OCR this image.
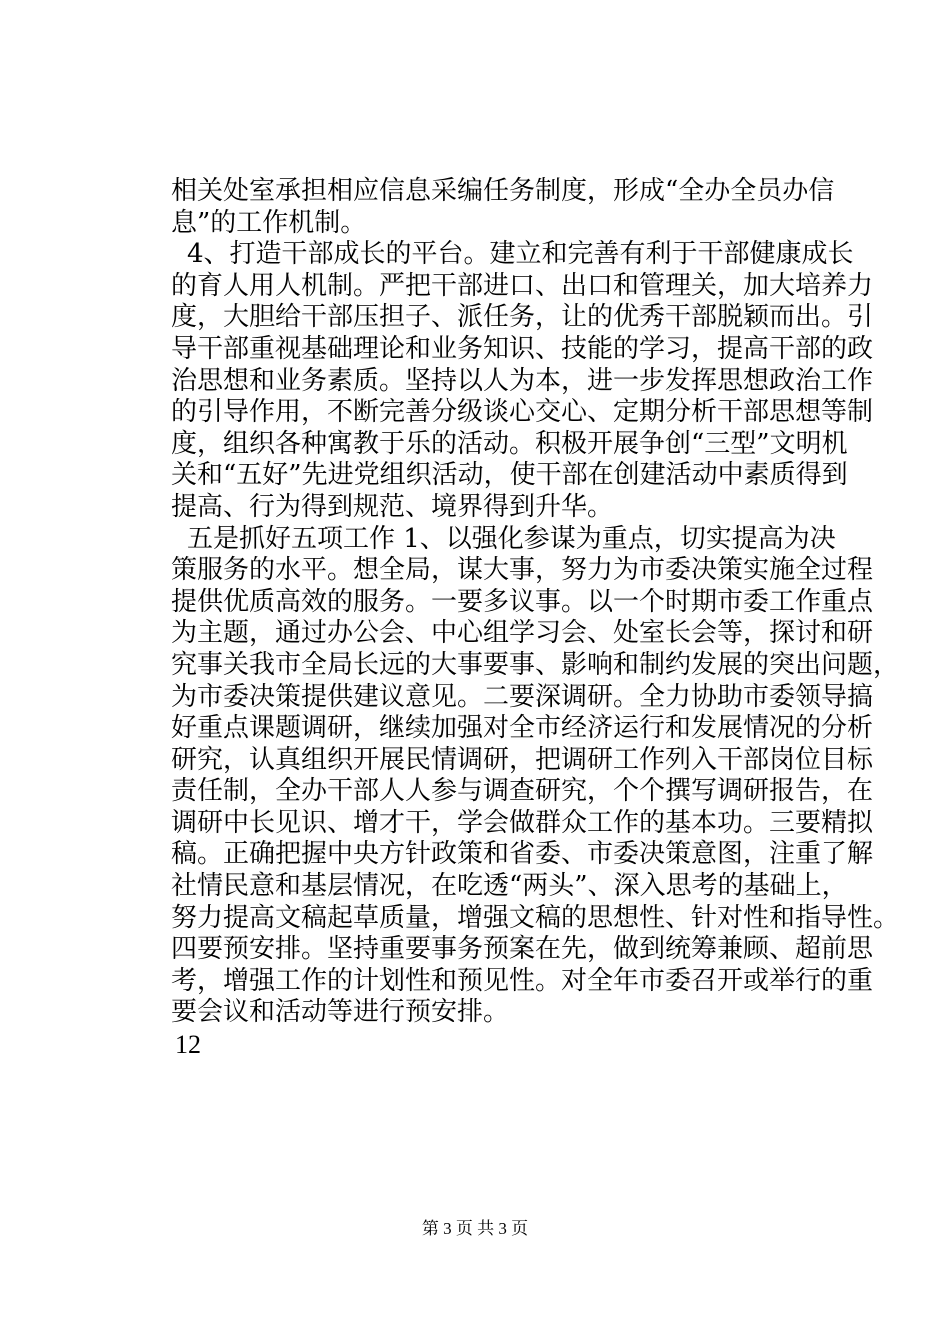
相关处室承担相应信息采编任务制度，形成“全办全员办信
息”的工作机制。
4、打造干部成长的平台。建立和完善有利于干部健康成长
的育人用人机制。严把干部进口、出口和管理关，加大培养力
度，大胆给干部压担子、派任务，让的优秀干部脱颖而出。引
导干部重视基础理论和业务知识、技能的学习，提高干部的政
治思想和业务素质。坚持以人为本，进一步发挥思想政治工作
的引导作用，不断完善分级谈心交心、定期分析干部思想等制
度，组织各种寓教于乐的活动。积极开展争创“三型”文明机
关和“五好”先进党组织活动，使干部在创建活动中素质得到
提高、行为得到规范、境界得到升华。
五是抓好五项工作 1、以强化参谋为重点，切实提高为决
策服务的水平。想全局，谋大事，努力为市委决策实施全过程
提供优质高效的服务。一要多议事。以一个时期市委工作重点
为主题，通过办公会、中心组学习会、处室长会等，探讨和研
究事关我市全局长远的大事要事、影响和制约发展的突出问题，
为市委决策提供建议意见。二要深调研。全力协助市委领导搞
好重点课题调研，继续加强对全市经济运行和发展情况的分析
研究，认真组织开展民情调研，把调研工作列入干部岗位目标
责任制，全办干部人人参与调查研究，个个撰写调研报告，在
调研中长见识、增才干，学会做群众工作的基本功。三要精拟
稿。正确把握中央方针政策和省委、市委决策意图，注重了解
社情民意和基层情况，在吃透“两头”、深入思考的基础上，
努力提高文稿起草质量，增强文稿的思想性、针对性和指导性。
四要预安排。坚持重要事务预案在先，做到统筹兼顾、超前思
考，增强工作的计划性和预见性。对全年市委召开或举行的重
要会议和活动等进行预安排。
12
第 3 页 共 3 页
